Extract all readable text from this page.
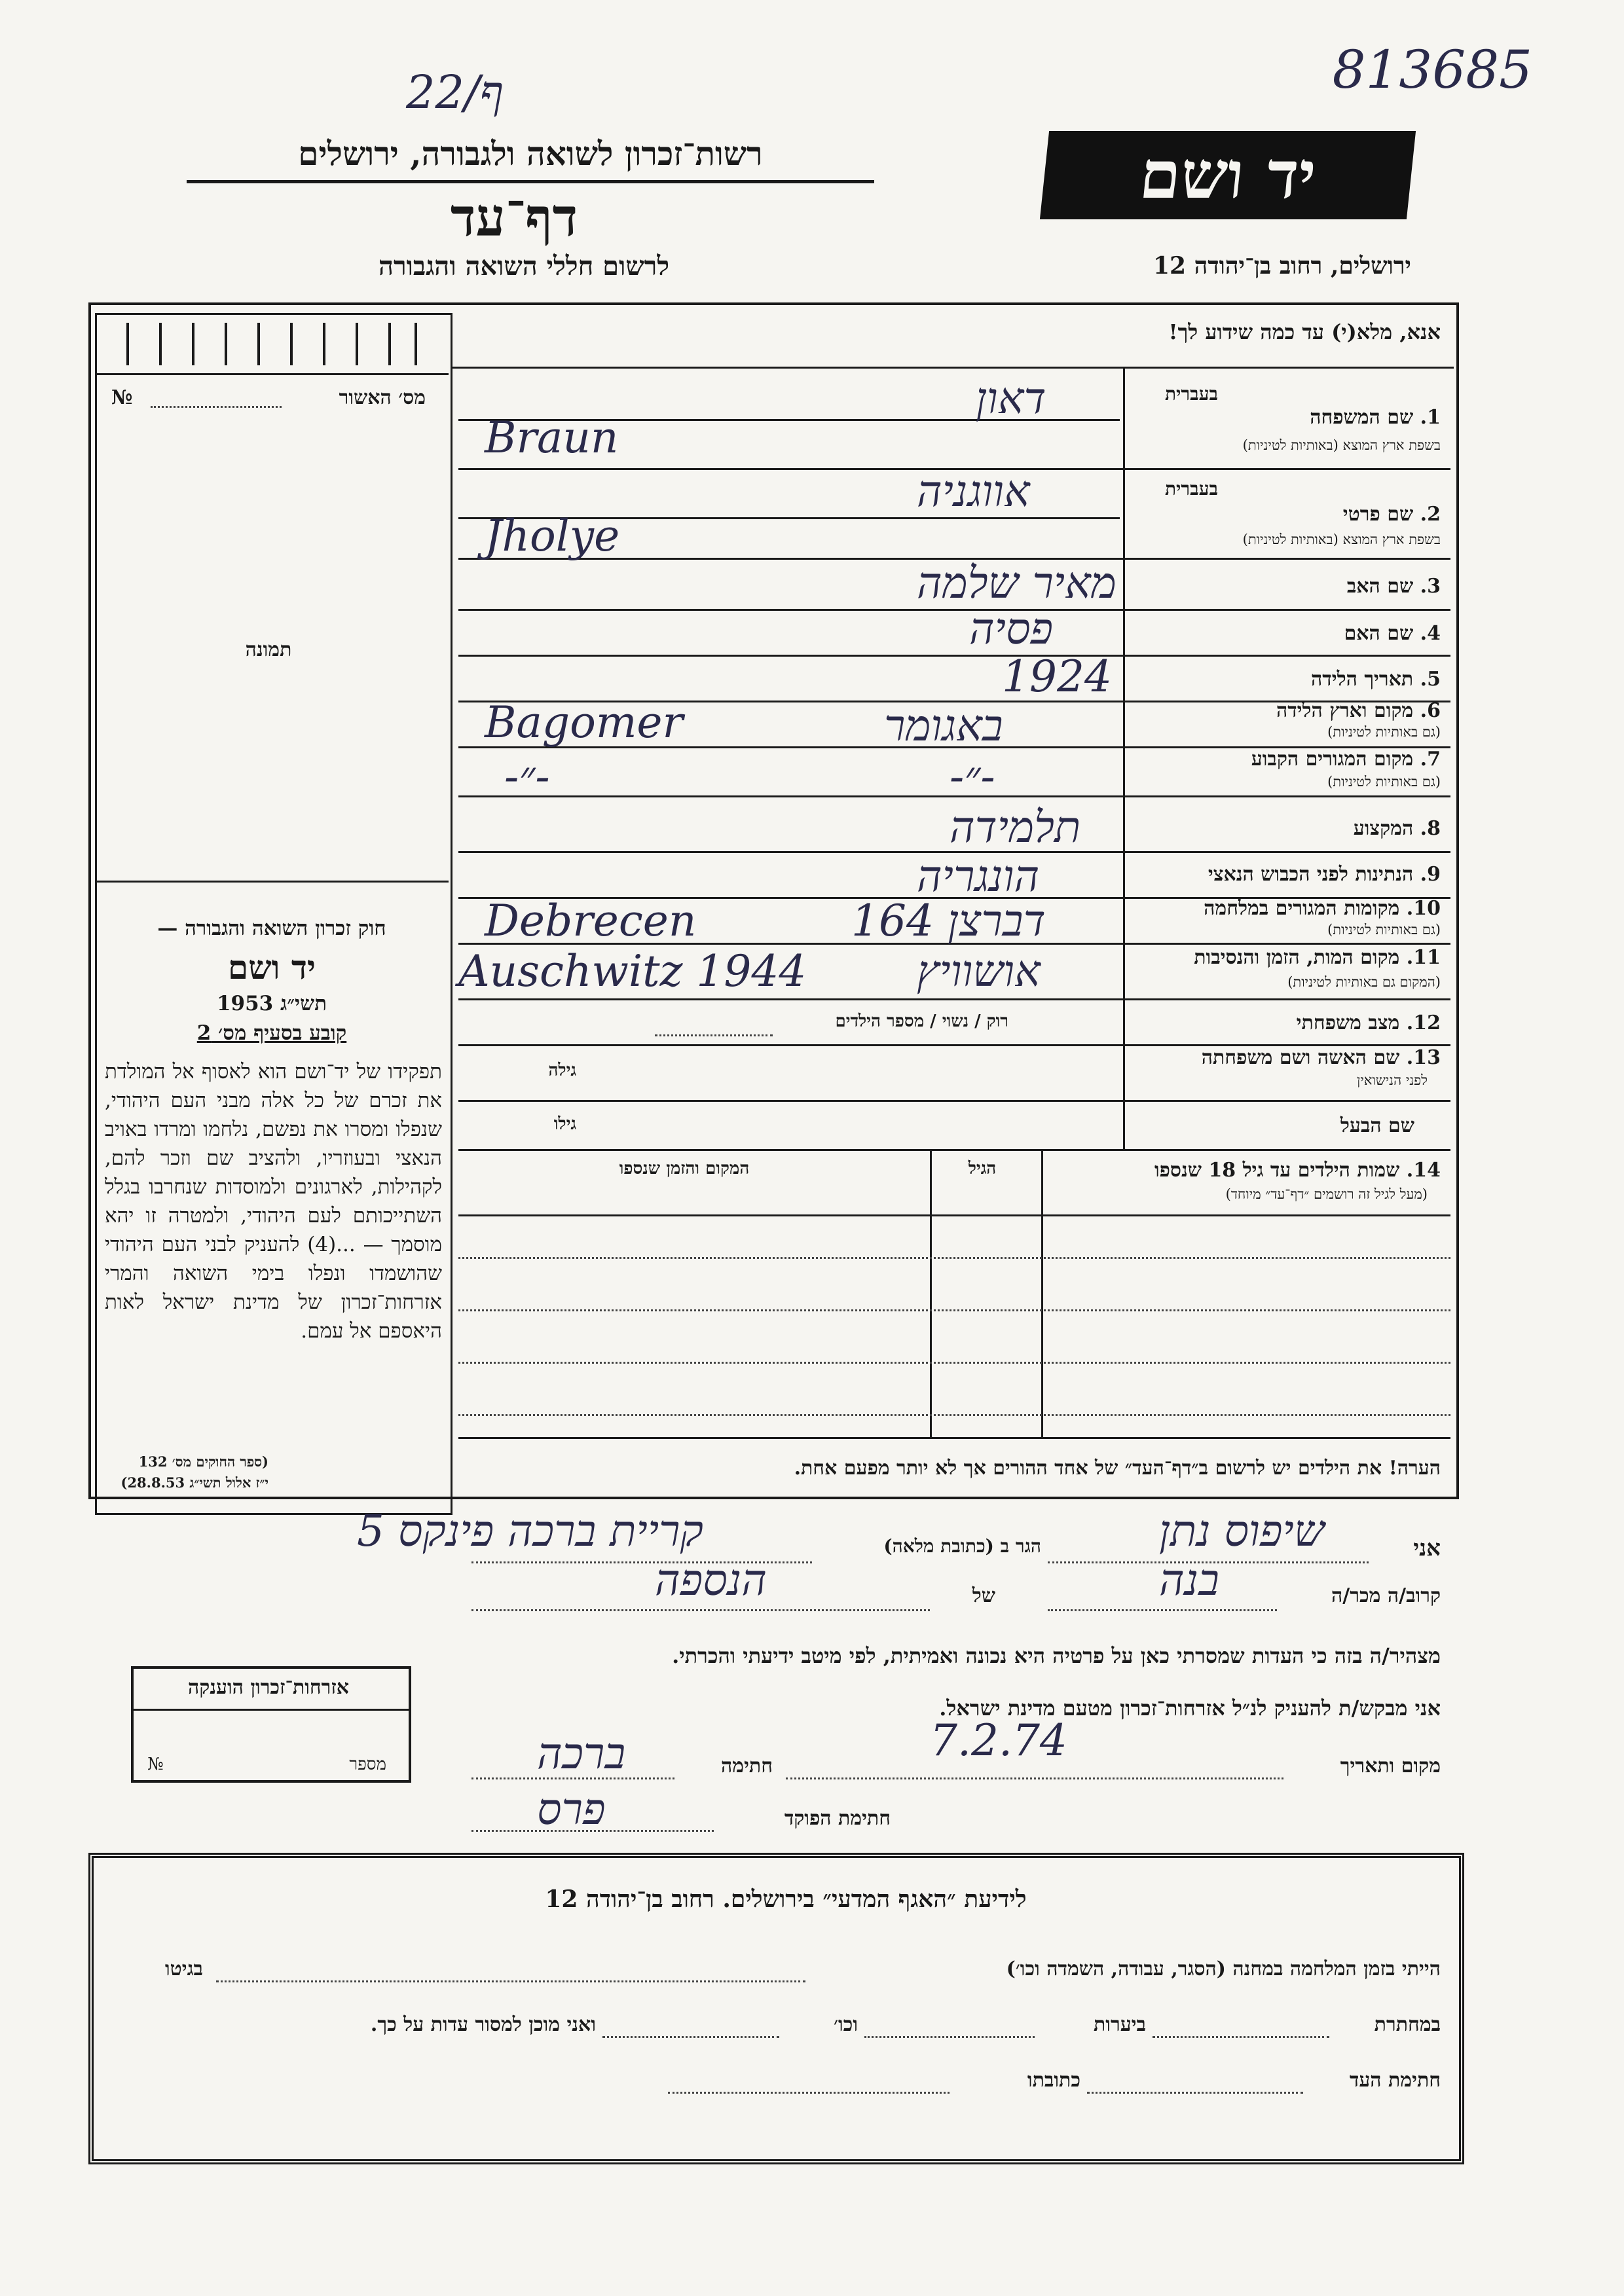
813685
22/ף
רשות־זכרון לשואה ולגבורה, ירושלים
דף־עד
לרשום חללי השואה והגבורה
יד ושם
ירושלים, רחוב בן־יהודה 12
מס׳ האשור
№
תמונה
חוק זכרון השואה והגבורה —
יד ושם
תשי״ג 1953
קובע בסעיף מס׳ 2
תפקידו של יד־ושם הוא לאסוף אל המולדת את זכרם של כל אלה מבני העם היהודי, שנפלו ומסרו את נפשם, נלחמו ומרדו באויב הנאצי ובעוזריו, ולהציב שם וזכר להם, לקהילות, לארגונים ולמוסדות שנחרבו בגלל השתייכותם לעם היהודי, ולמטרה זו יהא מוסמך — ...(4) להעניק לבני העם היהודי שהושמדו ונפלו בימי השואה והמרי אזרחות־זכרון של מדינת ישראל לאות היאספם אל עמם.
(ספר החוקים מס׳ 132
י״ז אלול תשי״ג 28.8.53)
אנא, מלא(י) עד כמה שידוע לך!
בעברית
1. שם המשפחה
בשפת ארץ המוצא (באותיות לטיניות)
בעברית
2. שם פרטי
בשפת ארץ המוצא (באותיות לטיניות)
3. שם האב
4. שם האם
5. תאריך הלידה
6. מקום וארץ הלידה
(גם באותיות לטיניות)
7. מקום המגורים הקבוע
(גם באותיות לטיניות)
8. המקצוע
9. הנתינות לפני הכבוש הנאצי
10. מקומות המגורים במלחמה
(גם באותיות לטיניות)
11. מקום המות, הזמן והנסיבות
(המקום גם באותיות לטיניות)
12. מצב משפחתי
13. שם האשה ושם משפחתה
לפני הנישואין
שם הבעל
דאון
Braun
אווגניה
Jholye
מאיר שלמה
פסיה
1924
באגומר
Bagomer
-״-
-״-
תלמידה
הונגריה
דברצן 164
Debrecen
אושוויץ
Auschwitz 1944
רוק / נשוי / מספר הילדים
גילה
גילו
14. שמות הילדים עד גיל 18 שנספו
(מעל לגיל זה רושמים ״דף־עד״ מיוחד)
הגיל
המקום והזמן שנספו
הערה! את הילדים יש לרשום ב״דף־העד״ של אחד ההורים אך לא יותר מפעם אחת.
אני
שיפוס נתן
הגר ב (כתובת מלאה)
קריית ברכה פינקס 5
קרוב/ה מכר/ה
בנה
של
הנספה
מצהיר/ה בזה כי העדות שמסרתי כאן על פרטיה היא נכונה ואמיתית, לפי מיטב ידיעתי והכרתי.
אני מבקש/ת להעניק לנ״ל אזרחות־זכרון מטעם מדינת ישראל.
אזרחות־זכרון הוענקה
מספר
№	מקום ותאריך
7.2.74
חתימה
ברכה
חתימת הפוקד
פרס
לידיעת ״האגף המדעי״ בירושלים. רחוב בן־יהודה 12
הייתי בזמן המלחמה במחנה (הסגר, עבודה, השמדה וכו׳)
בגיטו
במחתרת
ביערות
וכו׳
ואני מוכן למסור עדות על כך.
חתימת העד
כתובתו
